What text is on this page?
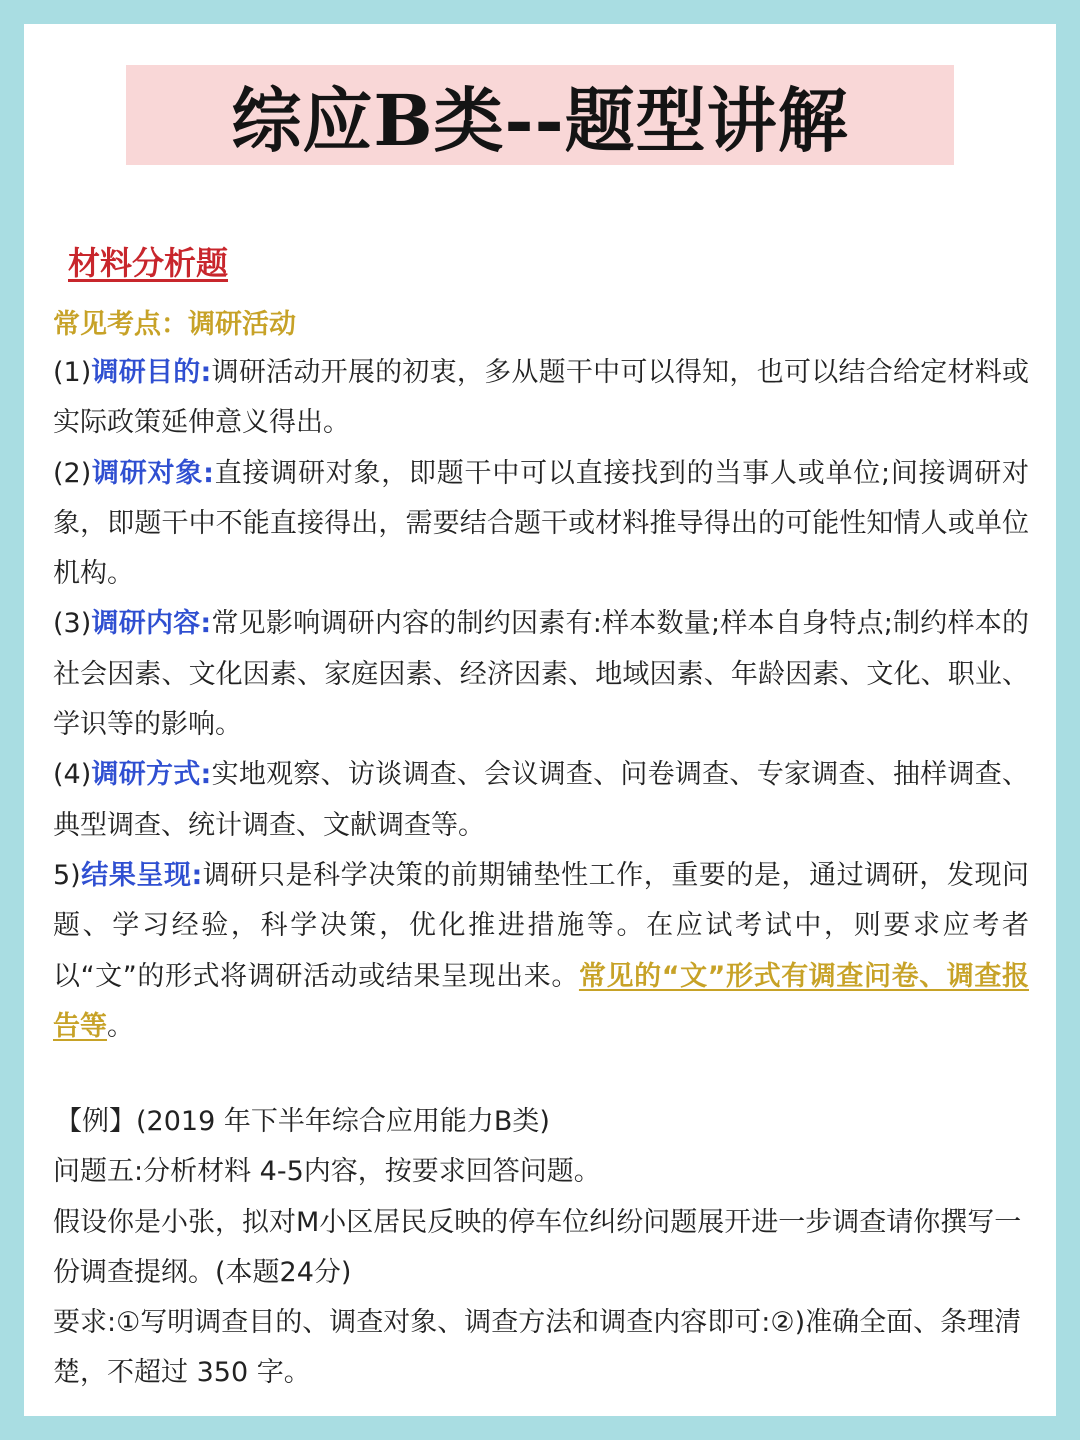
综应B类--题型讲解
材料分析题
常见考点：调研活动

(1)调研目的:调研活动开展的初衷，多从题干中可以得知，也可以结合给定材料或实际政策延伸意义得出。

(2)调研对象:直接调研对象，即题干中可以直接找到的当事人或单位;间接调研对象，即题干中不能直接得出，需要结合题干或材料推导得出的可能性知情人或单位机构。

(3)调研内容:常见影响调研内容的制约因素有:样本数量;样本自身特点;制约样本的社会因素、文化因素、家庭因素、经济因素、地域因素、年龄因素、文化、职业、学识等的影响。

(4)调研方式:实地观察、访谈调查、会议调查、问卷调查、专家调查、抽样调查、典型调查、统计调查、文献调查等。

5)结果呈现:调研只是科学决策的前期铺垫性工作，重要的是，通过调研，发现问题、学习经验，科学决策，优化推进措施等。在应试考试中，则要求应考者以“文”的形式将调研活动或结果呈现出来。常见的“文”形式有调查问卷、调查报告等。

【例】(2019 年下半年综合应用能力B类)

问题五:分析材料 4-5内容，按要求回答问题。

假设你是小张，拟对M小区居民反映的停车位纠纷问题展开进一步调查请你撰写一份调查提纲。(本题24分)

要求:①写明调查目的、调查对象、调查方法和调查内容即可:②)准确全面、条理清楚，不超过 350 字。
